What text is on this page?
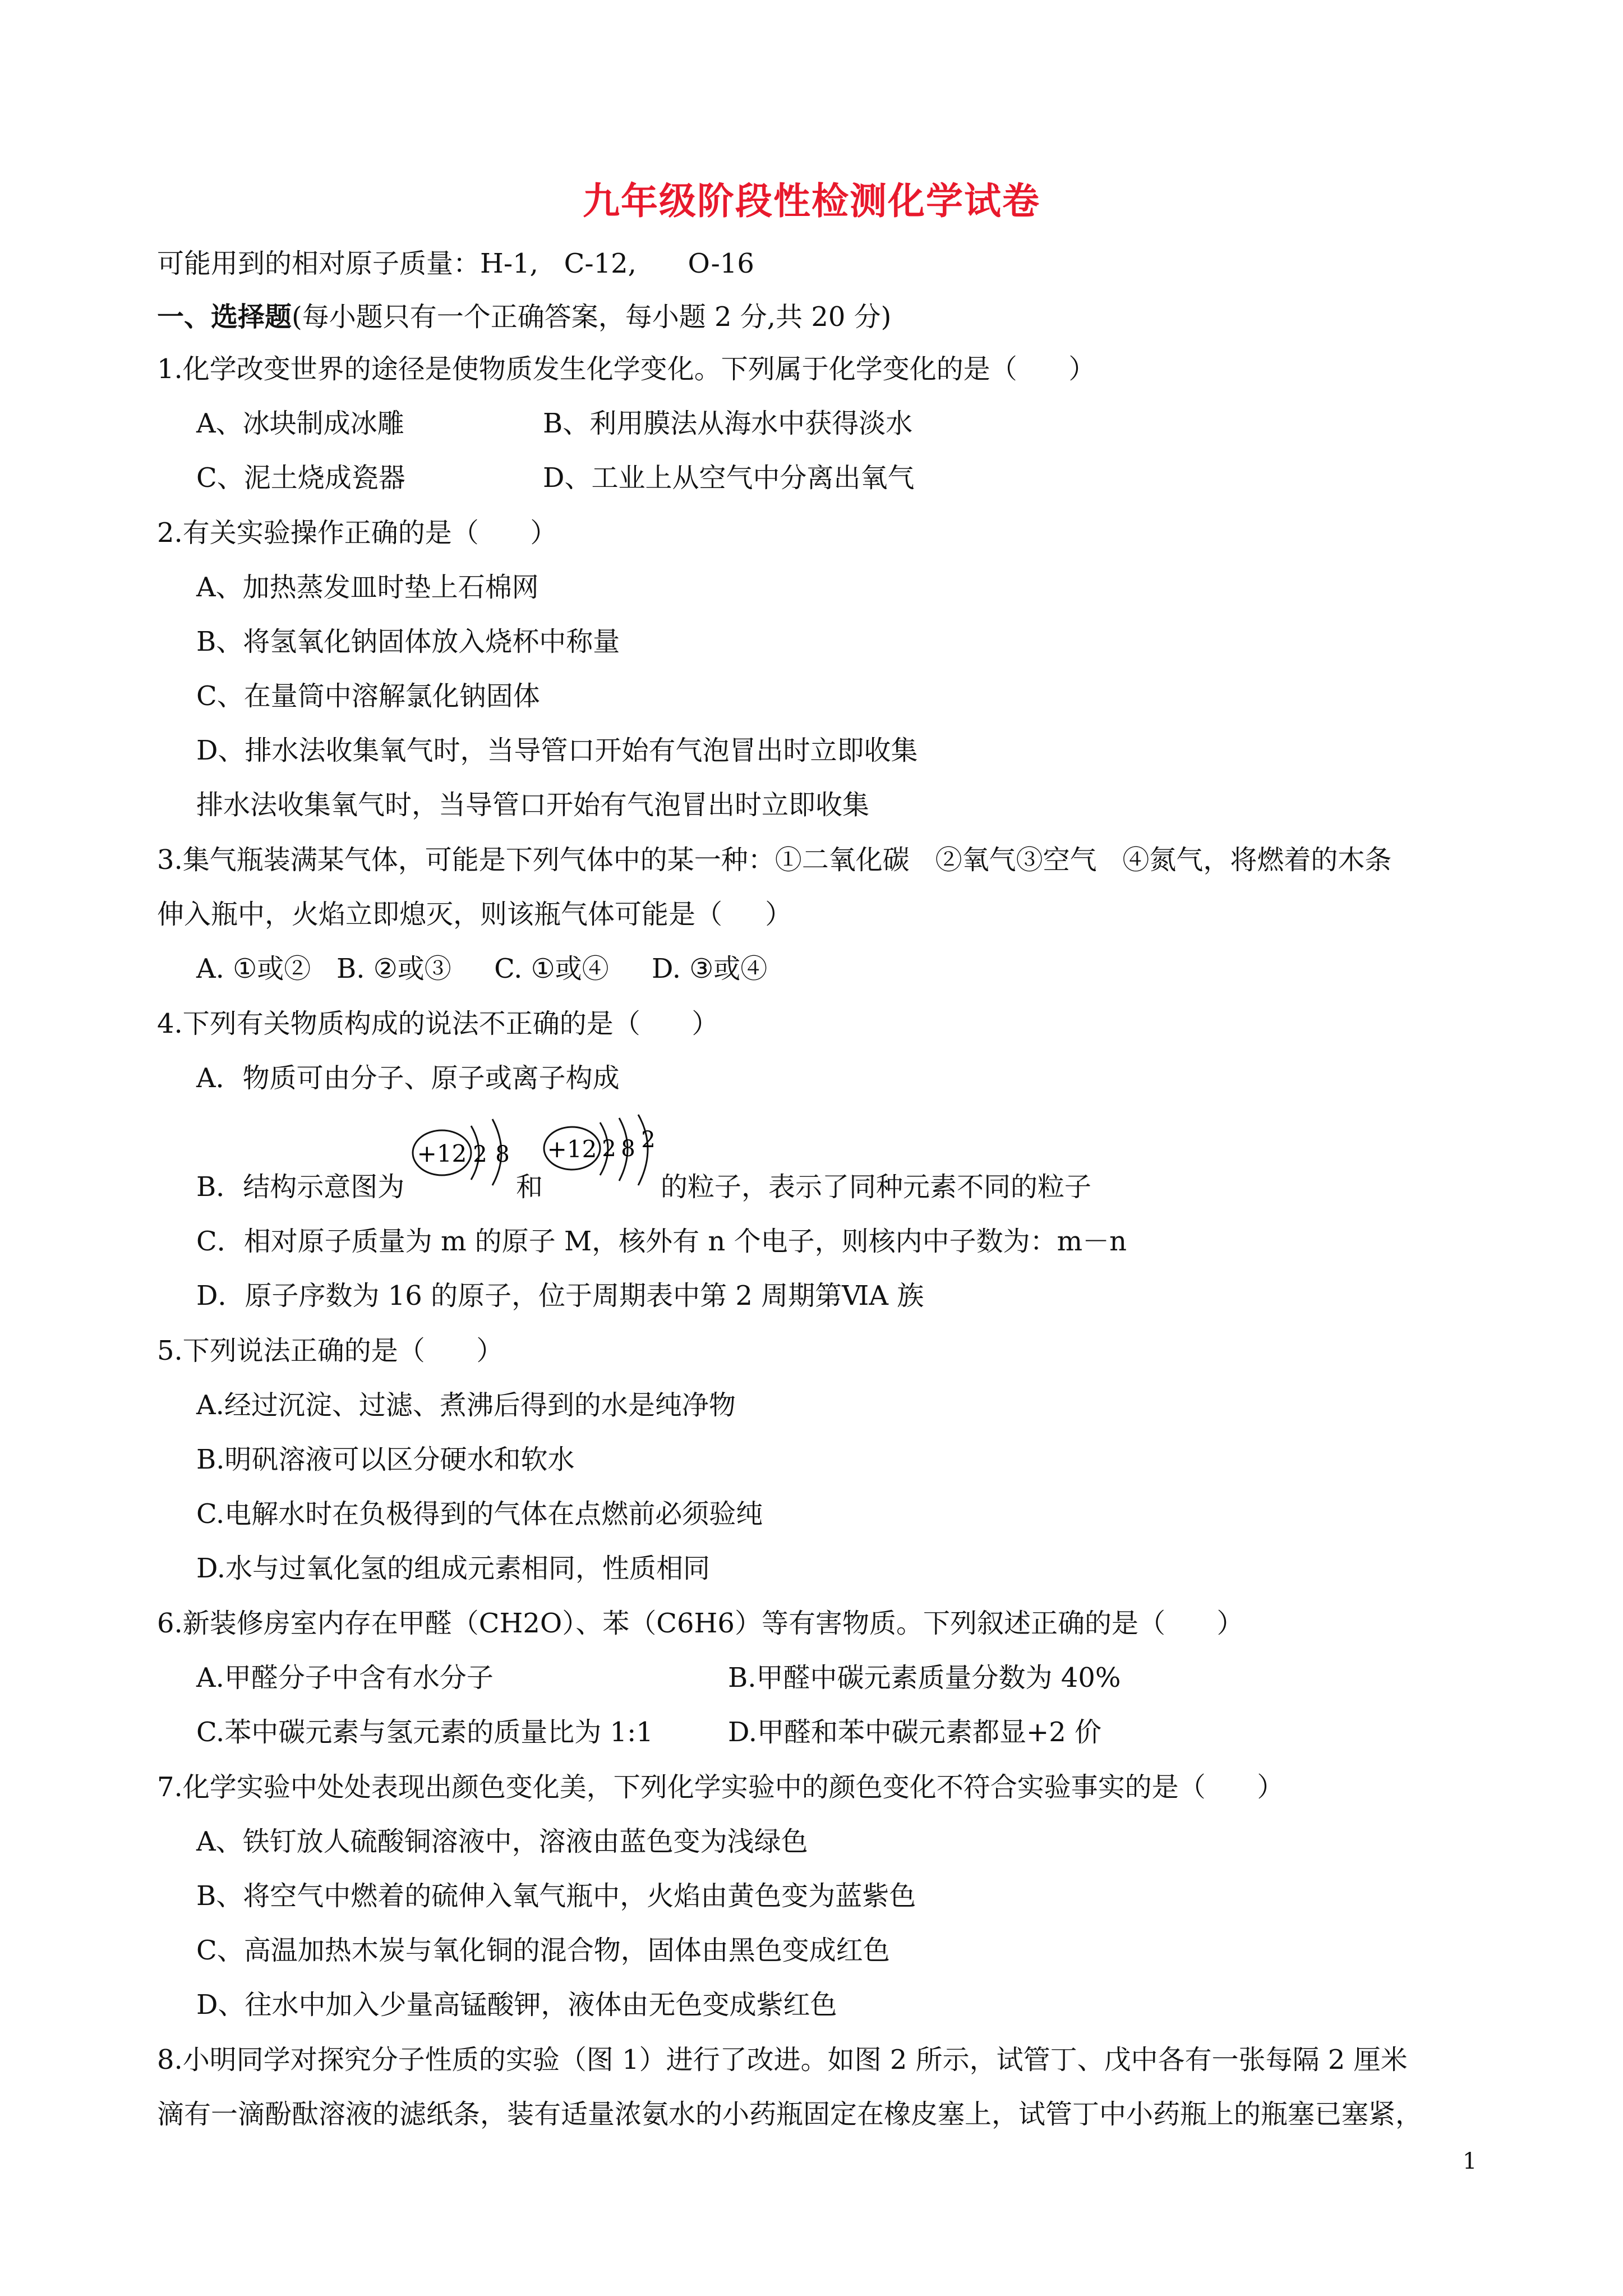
九年级阶段性检测化学试卷
可能用到的相对原子质量：H-1,   C-12,      O-16
一、选择题(每小题只有一个正确答案，每小题 2 分,共 20 分)
1.化学改变世界的途径是使物质发生化学变化。下列属于化学变化的是（      ）
A、冰块制成冰雕	B、利用膜法从海水中获得淡水
C、泥土烧成瓷器	D、工业上从空气中分离出氧气
2.有关实验操作正确的是（      ）
A、加热蒸发皿时垫上石棉网
B、将氢氧化钠固体放入烧杯中称量
C、在量筒中溶解氯化钠固体
D、排水法收集氧气时，当导管口开始有气泡冒出时立即收集
排水法收集氧气时，当导管口开始有气泡冒出时立即收集
3.集气瓶装满某气体，可能是下列气体中的某一种：①二氧化碳   ②氧气③空气   ④氮气，将燃着的木条
伸入瓶中，火焰立即熄灭，则该瓶气体可能是（     ）
A. ①或②   B. ②或③     C. ①或④     D. ③或④
4.下列有关物质构成的说法不正确的是（      ）
A．物质可由分子、原子或离子构成
B．结构示意图为
+12 2 8
和
+12 2 8 2
的粒子，表示了同种元素不同的粒子
C．相对原子质量为 m 的原子 M，核外有 n 个电子，则核内中子数为：m－n
D．原子序数为 16 的原子，位于周期表中第 2 周期第ⅥA 族
5.下列说法正确的是（      ）
A.经过沉淀、过滤、煮沸后得到的水是纯净物
B.明矾溶液可以区分硬水和软水
C.电解水时在负极得到的气体在点燃前必须验纯
D.水与过氧化氢的组成元素相同，性质相同
6.新装修房室内存在甲醛（CH2O）、苯（C6H6）等有害物质。下列叙述正确的是（      ）
A.甲醛分子中含有水分子	B.甲醛中碳元素质量分数为 40%
C.苯中碳元素与氢元素的质量比为 1:1	D.甲醛和苯中碳元素都显+2 价
7.化学实验中处处表现出颜色变化美，下列化学实验中的颜色变化不符合实验事实的是（      ）
A、铁钉放人硫酸铜溶液中，溶液由蓝色变为浅绿色
B、将空气中燃着的硫伸入氧气瓶中，火焰由黄色变为蓝紫色
C、高温加热木炭与氧化铜的混合物，固体由黑色变成红色
D、往水中加入少量高锰酸钾，液体由无色变成紫红色
8.小明同学对探究分子性质的实验（图 1）进行了改进。如图 2 所示，试管丁、戊中各有一张每隔 2 厘米
滴有一滴酚酞溶液的滤纸条，装有适量浓氨水的小药瓶固定在橡皮塞上，试管丁中小药瓶上的瓶塞已塞紧，
1
